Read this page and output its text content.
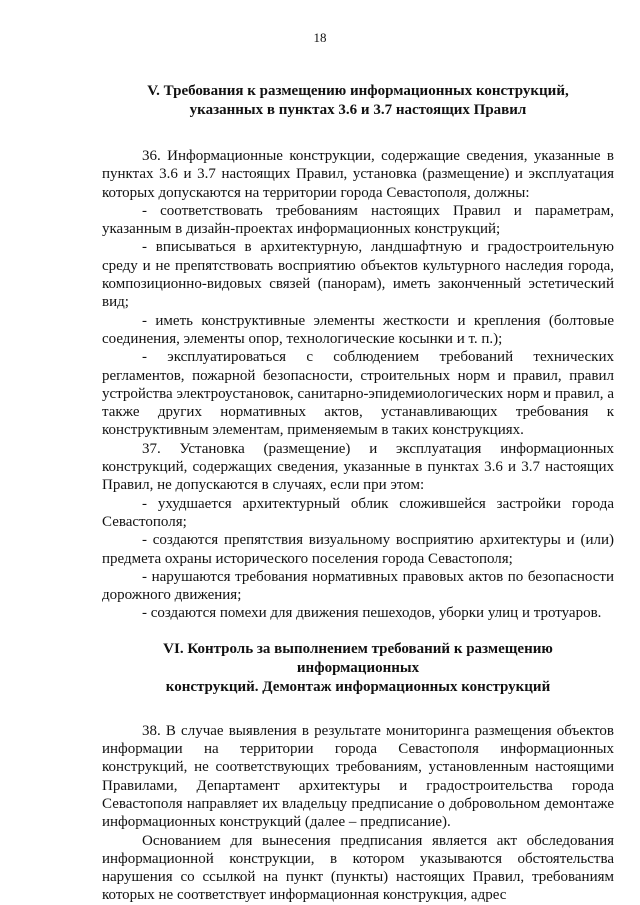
18
V. Требования к размещению информационных конструкций,
указанных в пунктах 3.6 и 3.7 настоящих Правил

36. Информационные конструкции, содержащие сведения, указанные в пунктах 3.6 и 3.7 настоящих Правил, установка (размещение) и эксплуатация которых допускаются на территории города Севастополя, должны:

- соответствовать требованиям настоящих Правил и параметрам, указанным в дизайн-проектах информационных конструкций;

- вписываться в архитектурную, ландшафтную и градостроительную среду и не препятствовать восприятию объектов культурного наследия города, композиционно-видовых связей (панорам), иметь законченный эстетический вид;

- иметь конструктивные элементы жесткости и крепления (болтовые соединения, элементы опор, технологические косынки и т. п.);

- эксплуатироваться с соблюдением требований технических регламентов, пожарной безопасности, строительных норм и правил, правил устройства электроустановок, санитарно-эпидемиологических норм и правил, а также других нормативных актов, устанавливающих требования к конструктивным элементам, применяемым в таких конструкциях.

37. Установка (размещение) и эксплуатация информационных конструкций, содержащих сведения, указанные в пунктах 3.6 и 3.7 настоящих Правил, не допускаются в случаях, если при этом:

- ухудшается архитектурный облик сложившейся застройки города Севастополя;

- создаются препятствия визуальному восприятию архитектуры и (или) предмета охраны исторического поселения города Севастополя;

- нарушаются требования нормативных правовых актов по безопасности дорожного движения;

- создаются помехи для движения пешеходов, уборки улиц и тротуаров.

VI. Контроль за выполнением требований к размещению информационных
конструкций. Демонтаж информационных конструкций

38. В случае выявления в результате мониторинга размещения объектов информации на территории города Севастополя информационных конструкций, не соответствующих требованиям, установленным настоящими Правилами, Департамент архитектуры и градостроительства города Севастополя направляет их владельцу предписание о добровольном демонтаже информационных конструкций (далее – предписание).

Основанием для вынесения предписания является акт обследования информационной конструкции, в котором указываются обстоятельства нарушения со ссылкой на пункт (пункты) настоящих Правил, требованиям которых не соответствует информационная конструкция, адрес
